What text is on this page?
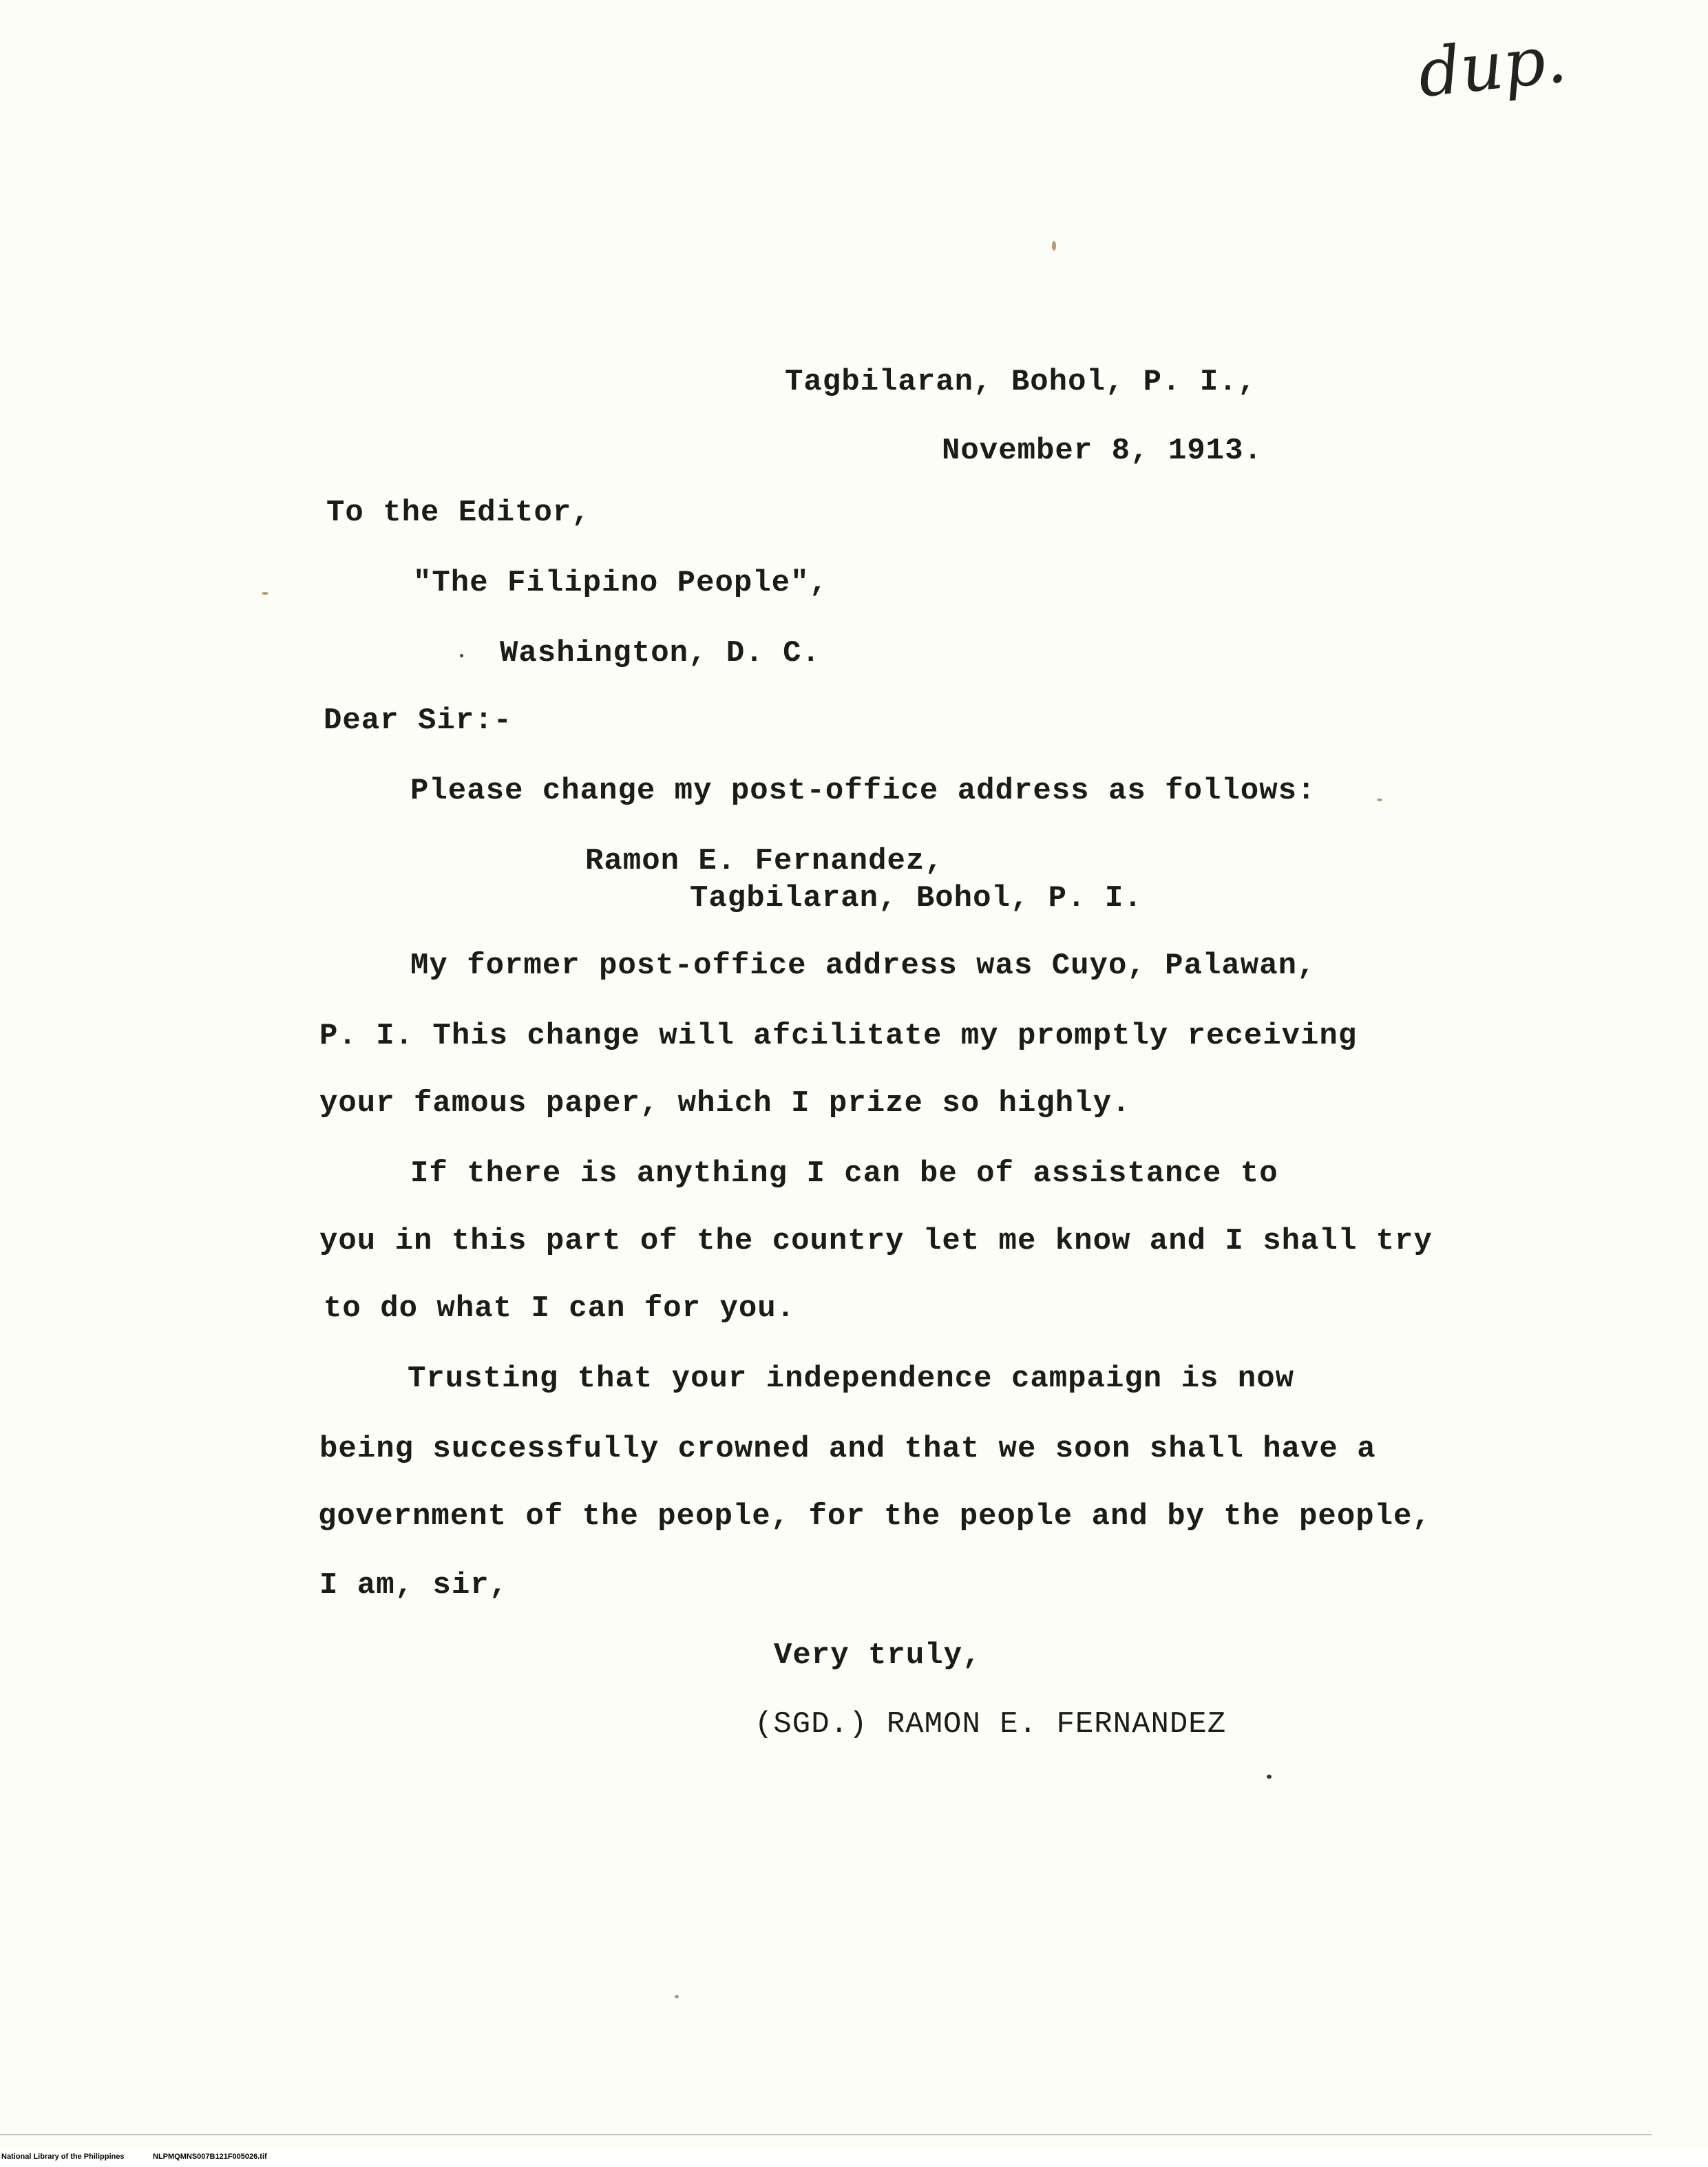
dup.
Tagbilaran, Bohol, P. I.,
November 8, 1913.
To the Editor,
"The Filipino People",
Washington, D. C.
Dear Sir:-
Please change my post-office address as follows:
Ramon E. Fernandez,
Tagbilaran, Bohol, P. I.
My former post-office address was Cuyo, Palawan,
P. I. This change will afcilitate my promptly receiving
your famous paper, which I prize so highly.
If there is anything I can be of assistance to
you in this part of the country let me know and I shall try
to do what I can for you.
Trusting that your independence campaign is now
being successfully crowned and that we soon shall have a
government of the people, for the people and by the people,
I am, sir,
Very truly,
(SGD.) RAMON E. FERNANDEZ
National Library of the Philippines	NLPMQMNS007B121F005026.tif
